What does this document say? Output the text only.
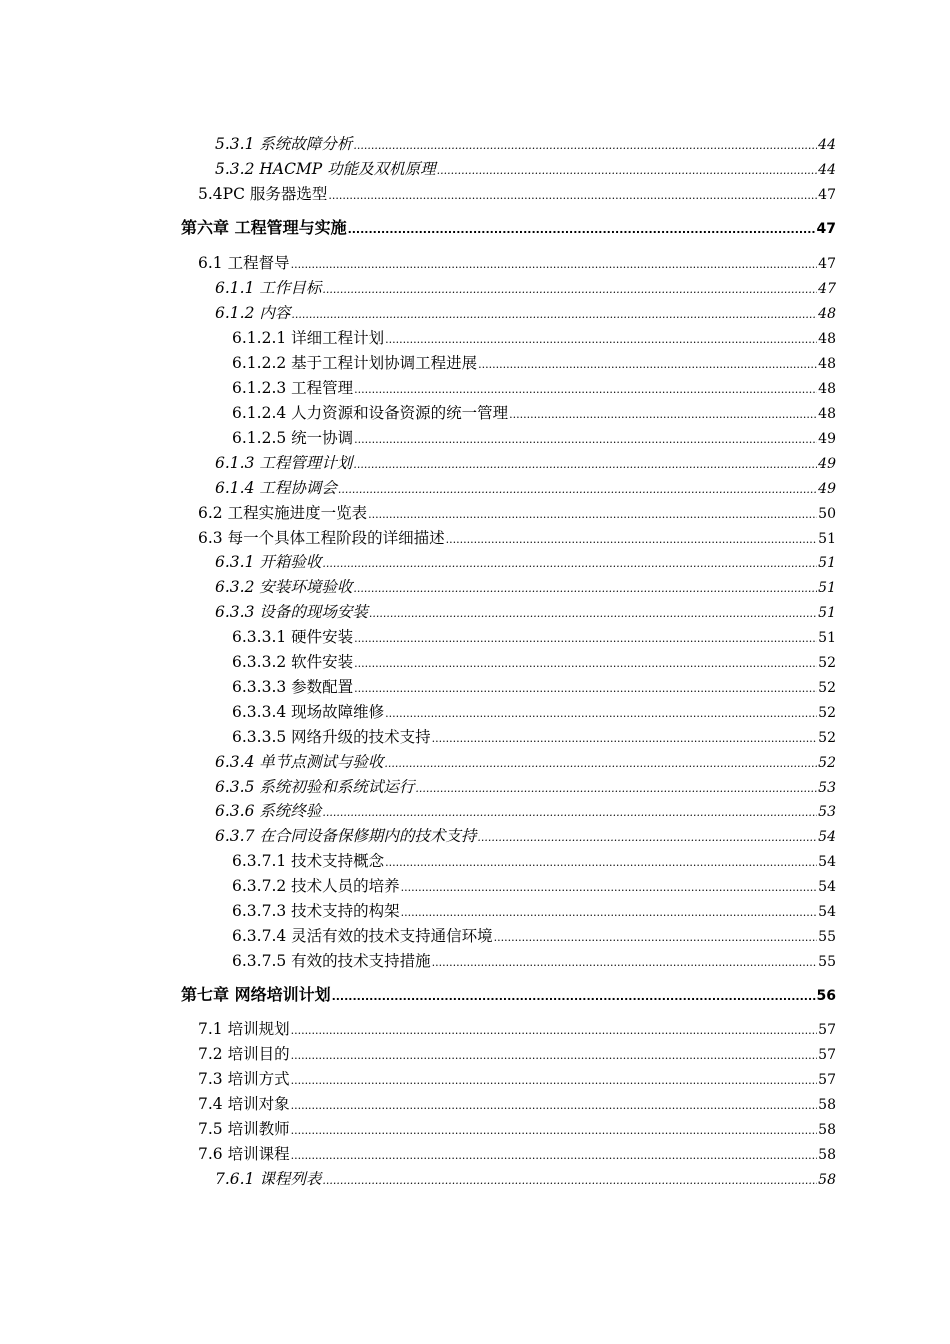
5.3.1 系统故障分析 .....	44
5.3.2 HACMP 功能及双机原理 .....	44
5.4PC 服务器选型 .....	47
第六章 工程管理与实施 .....	47
6.1 工程督导 .....	47
6.1.1 工作目标 .....	47
6.1.2 内容 .....	48
6.1.2.1 详细工程计划 .....	48
6.1.2.2 基于工程计划协调工程进展 .....	48
6.1.2.3 工程管理 .....	48
6.1.2.4 人力资源和设备资源的统一管理 .....	48
6.1.2.5 统一协调 .....	49
6.1.3 工程管理计划 .....	49
6.1.4 工程协调会 .....	49
6.2 工程实施进度一览表 .....	50
6.3 每一个具体工程阶段的详细描述 .....	51
6.3.1 开箱验收 .....	51
6.3.2 安装环境验收 .....	51
6.3.3 设备的现场安装 .....	51
6.3.3.1 硬件安装 .....	51
6.3.3.2 软件安装 .....	52
6.3.3.3 参数配置 .....	52
6.3.3.4 现场故障维修 .....	52
6.3.3.5 网络升级的技术支持 .....	52
6.3.4 单节点测试与验收 .....	52
6.3.5 系统初验和系统试运行 .....	53
6.3.6 系统终验 .....	53
6.3.7 在合同设备保修期内的技术支持 .....	54
6.3.7.1 技术支持概念 .....	54
6.3.7.2 技术人员的培养 .....	54
6.3.7.3 技术支持的构架 .....	54
6.3.7.4 灵活有效的技术支持通信环境 .....	55
6.3.7.5 有效的技术支持措施 .....	55
第七章 网络培训计划 .....	56
7.1 培训规划 .....	57
7.2 培训目的 .....	57
7.3 培训方式 .....	57
7.4 培训对象 .....	58
7.5 培训教师 .....	58
7.6 培训课程 .....	58
7.6.1 课程列表 .....	58
